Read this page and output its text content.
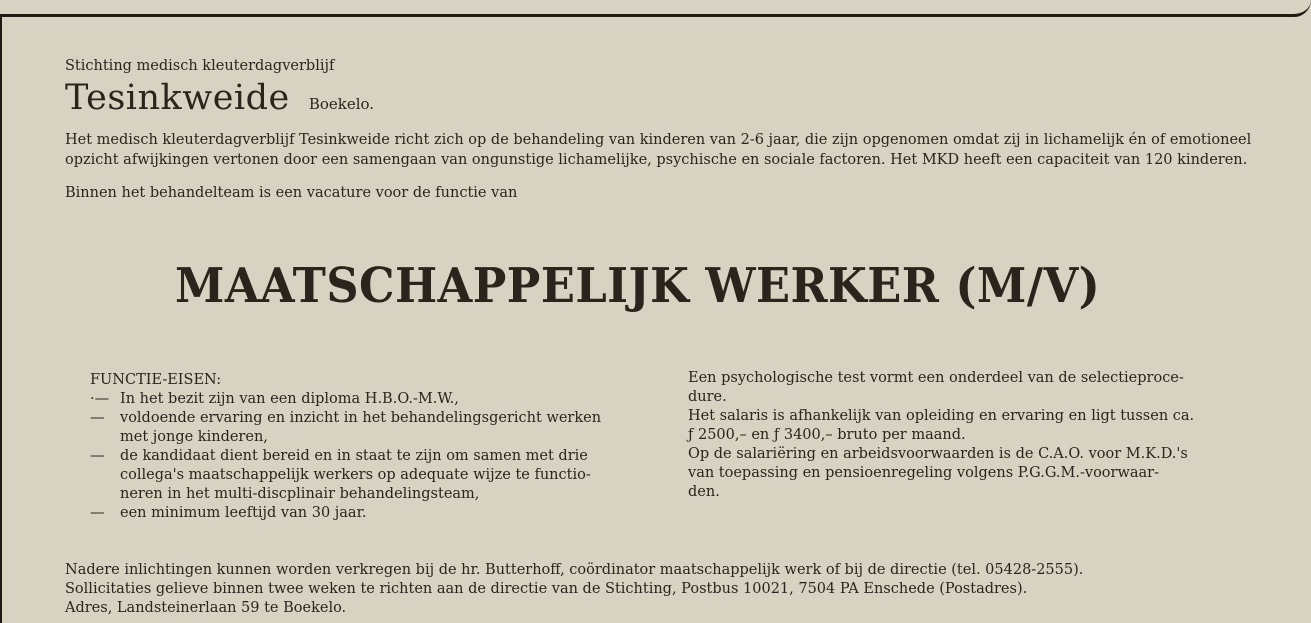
Stichting medisch kleuterdagverblijf

Tesinkweide Boekelo.
Het medisch kleuterdagverblijf Tesinkweide richt zich op de behandeling van kinderen van 2-6 jaar, die zijn opgenomen omdat zij in lichamelijk én of emotioneel opzicht afwijkingen vertonen door een samengaan van ongunstige lichamelijke, psychische en sociale factoren. Het MKD heeft een capaciteit van 120 kinderen.
Binnen het behandelteam is een vacature voor de functie van
MAATSCHAPPELIJK WERKER (M/V)

FUNCTIE-EISEN:

·— In het bezit zijn van een diploma H.B.O.-M.W.,
—	voldoende ervaring en inzicht in het behandelingsgericht werken
met jonge kinderen,
—	de kandidaat dient bereid en in staat te zijn om samen met drie
collega's maatschappelijk werkers op adequate wijze te functio-
neren in het multi-discplinair behandelingsteam,
—	een minimum leeftijd van 30 jaar.
Een psychologische test vormt een onderdeel van de selectieproce-
dure.
Het salaris is afhankelijk van opleiding en ervaring en ligt tussen ca.
ƒ 2500,– en ƒ 3400,– bruto per maand.
Op de salariëring en arbeidsvoorwaarden is de C.A.O. voor M.K.D.'s
van toepassing en pensioenregeling volgens P.G.G.M.-voorwaar-
den.

Nadere inlichtingen kunnen worden verkregen bij de hr. Butterhoff, coördinator maatschappelijk werk of bij de directie (tel. 05428-2555).

Sollicitaties gelieve binnen twee weken te richten aan de directie van de Stichting, Postbus 10021, 7504 PA Enschede (Postadres).

Adres, Landsteinerlaan 59 te Boekelo.
